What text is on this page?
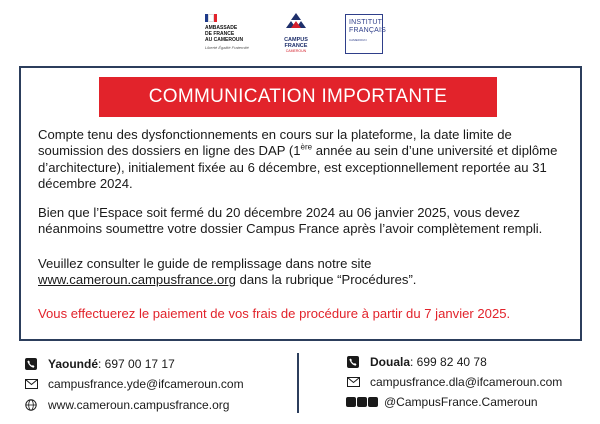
AMBASSADE
DE FRANCE
AU CAMEROUN
Liberté Égalité Fraternité
CAMPUS
FRANCE
CAMEROUN
INSTITUT
FRANÇAIS
CAMEROUN
COMMUNICATION IMPORTANTE
Compte tenu des dysfonctionnements en cours sur la plateforme, la date limite de soumission des dossiers en ligne des DAP (1ère année au sein d’une université et diplôme d’architecture), initialement fixée au 6 décembre, est exceptionnellement reportée au 31 décembre 2024.
Bien que l’Espace soit fermé du 20 décembre 2024 au 06 janvier 2025, vous devez néanmoins soumettre votre dossier Campus France après l’avoir complètement rempli.
Veuillez consulter le guide de remplissage dans notre site
www.cameroun.campusfrance.org dans la rubrique “Procédures”.
Vous effectuerez le paiement de vos frais de procédure à partir du 7 janvier 2025.
Yaoundé : 697 00 17 17
campusfrance.yde@ifcameroun.com
www.cameroun.campusfrance.org
Douala : 699 82 40 78
campusfrance.dla@ifcameroun.com
@CampusFrance.Cameroun
